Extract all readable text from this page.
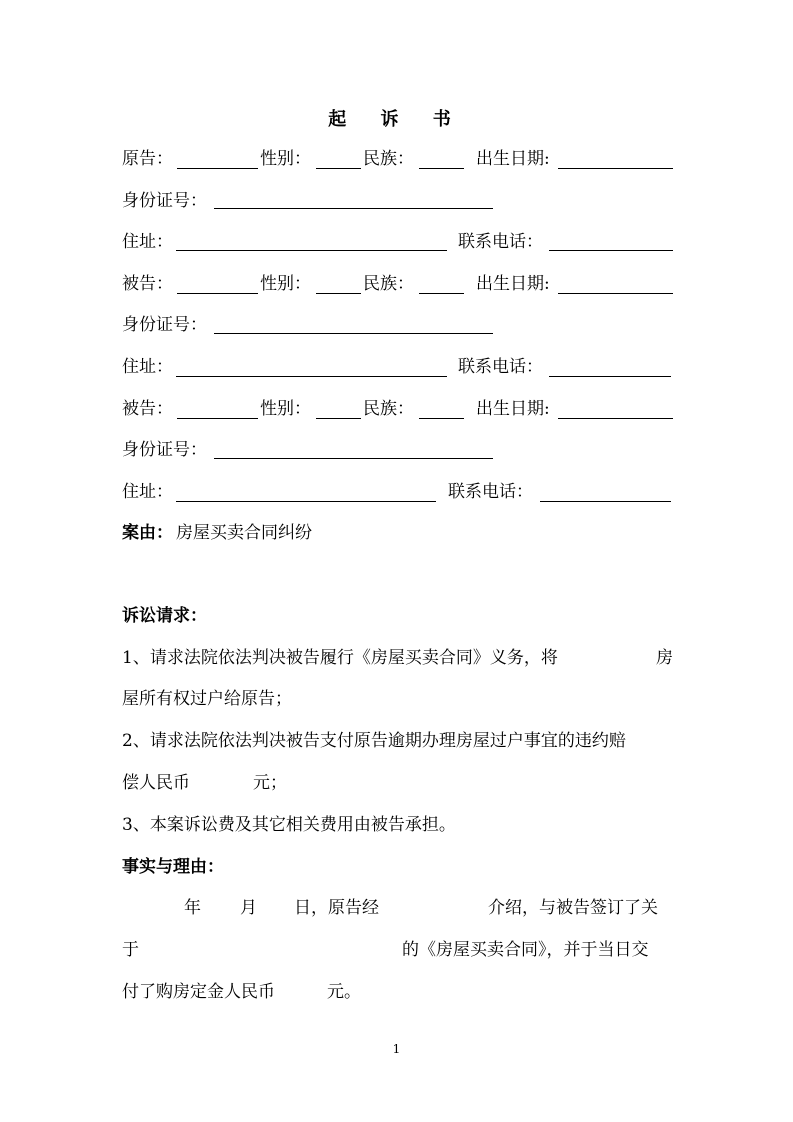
起 诉 书
原告：	性别：	民族：	出生日期:
身份证号：
住址：	联系电话：
被告：	性别：	民族：	出生日期:
身份证号：
住址：	联系电话：
被告：	性别：	民族：	出生日期:
身份证号：
住址：	联系电话：
案由： 房屋买卖合同纠纷
诉讼请求：
1、请求法院依法判决被告履行《房屋买卖合同》义务，将	房
屋所有权过户给原告；
2、请求法院依法判决被告支付原告逾期办理房屋过户事宜的违约赔
偿人民币	元；
3、本案诉讼费及其它相关费用由被告承担。
事实与理由：
年 月 日，原告经	介绍，与被告签订了关
于	的《房屋买卖合同》，并于当日交
付了购房定金人民币	元。
1
